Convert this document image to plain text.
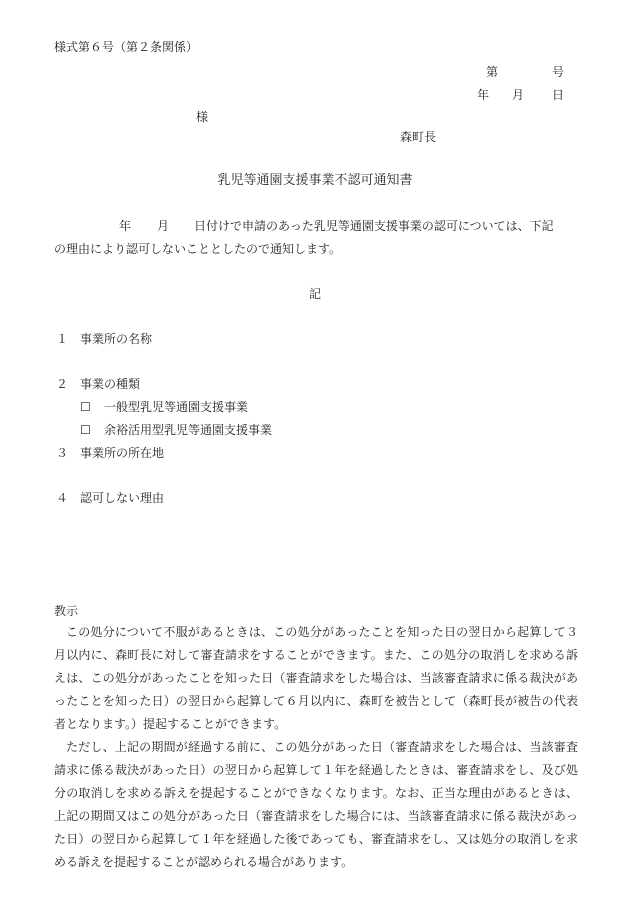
様式第６号（第２条関係）
第	号
年 月 日
様
森町長
乳児等通園支援事業不認可通知書
年 月 日付けで申請のあった乳児等通園支援事業の認可については、下記
の理由により認可しないこととしたので通知します。
記
１ 事業所の名称
２ 事業の種類
☐ 一般型乳児等通園支援事業
☐ 余裕活用型乳児等通園支援事業
３ 事業所の所在地
４ 認可しない理由
教示

この処分について不服があるときは、この処分があったことを知った日の翌日から起算して３月以内に、森町長に対して審査請求をすることができます。また、この処分の取消しを求める訴えは、この処分があったことを知った日（審査請求をした場合は、当該審査請求に係る裁決があったことを知った日）の翌日から起算して６月以内に、森町を被告として（森町長が被告の代表者となります。）提起することができます。

ただし、上記の期間が経過する前に、この処分があった日（審査請求をした場合は、当該審査請求に係る裁決があった日）の翌日から起算して１年を経過したときは、審査請求をし、及び処分の取消しを求める訴えを提起することができなくなります。なお、正当な理由があるときは、上記の期間又はこの処分があった日（審査請求をした場合には、当該審査請求に係る裁決があった日）の翌日から起算して１年を経過した後であっても、審査請求をし、又は処分の取消しを求める訴えを提起することが認められる場合があります。
